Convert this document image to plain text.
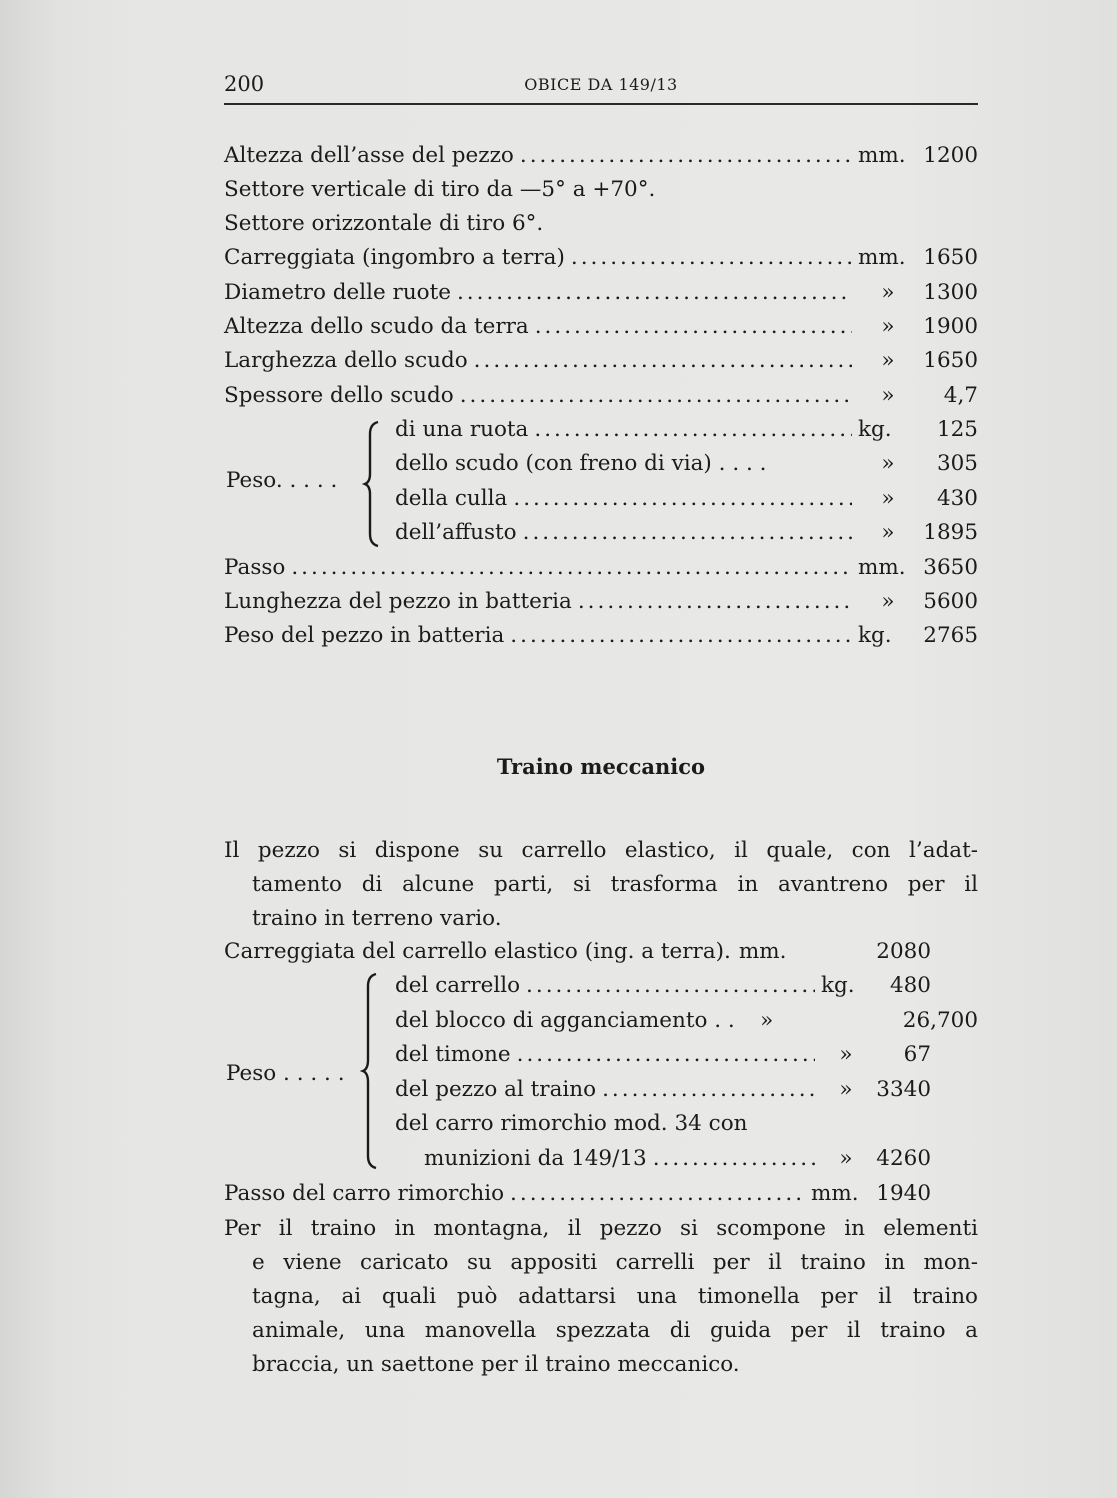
200	OBICE DA 149/13
Altezza dell’asse del pezzo .....	mm. 1200
Settore verticale di tiro da —5° a +70°.
Settore orizzontale di tiro 6°.
Carreggiata (ingombro a terra) .....	mm. 1650
Diametro delle ruote .....	»	1300
Altezza dello scudo da terra .....	»	1900
Larghezza dello scudo .....	»	1650
Spessore dello scudo .....	»	4,7
Peso. . . . .
di una ruota .....	kg.	125
dello scudo (con freno di via) . . . .	»	305
della culla .....	»	430
dell’affusto .....	»	1895
Passo .....	mm. 3650
Lunghezza del pezzo in batteria .....	»	5600
Peso del pezzo in batteria .....	kg.	2765
Traino meccanico
Il pezzo si dispone su carrello elastico, il quale, con l’adat-
tamento di alcune parti, si trasforma in avantreno per il
traino in terreno vario.
Carreggiata del carrello elastico (ing. a terra). mm.	2080
Peso . . . . .
del carrello .....	kg.	480
del blocco di agganciamento . . »	26,700
del timone .....	»	67
del pezzo al traino .....	»	3340
del carro rimorchio mod. 34 con
munizioni da 149/13 .....	»	4260
Passo del carro rimorchio .....	mm. 1940
Per il traino in montagna, il pezzo si scompone in elementi
e viene caricato su appositi carrelli per il traino in mon-
tagna, ai quali può adattarsi una timonella per il traino
animale, una manovella spezzata di guida per il traino a
braccia, un saettone per il traino meccanico.
